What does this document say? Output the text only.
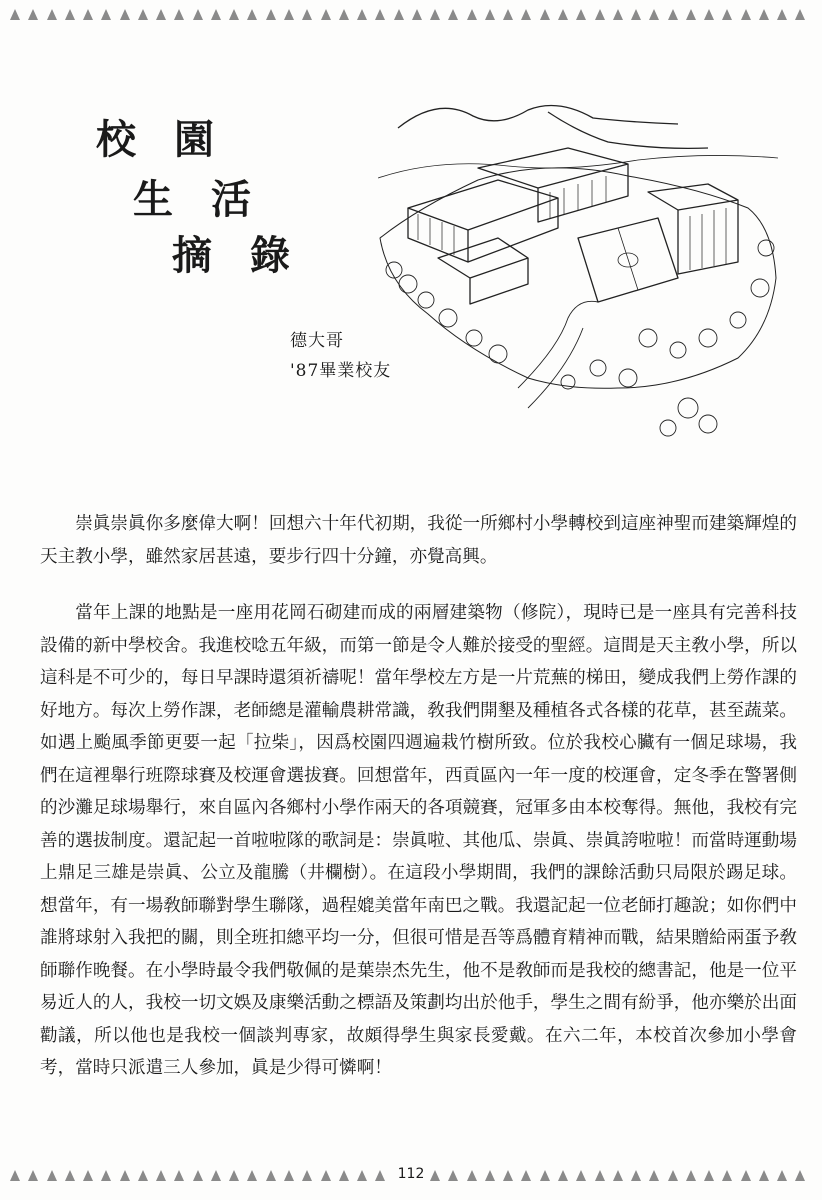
校 園
生 活
摘 錄
德大哥
'87畢業校友

崇眞崇眞你多麼偉大啊！回想六十年代初期，我從一所鄉村小學轉校到這座神聖而建築輝煌的天主教小學，雖然家居甚遠，要步行四十分鐘，亦覺高興。

當年上課的地點是一座用花岡石砌建而成的兩層建築物（修院），現時已是一座具有完善科技設備的新中學校舍。我進校唸五年級，而第一節是令人難於接受的聖經。這間是天主敎小學，所以這科是不可少的，每日早課時還須祈禱呢！當年學校左方是一片荒蕪的梯田，變成我們上勞作課的好地方。每次上勞作課，老師總是灌輸農耕常識，敎我們開墾及種植各式各樣的花草，甚至蔬菜。如遇上颱風季節更要一起「拉柴」，因爲校園四週遍栽竹樹所致。位於我校心臟有一個足球場，我們在這裡舉行班際球賽及校運會選拔賽。回想當年，西貢區內一年一度的校運會，定冬季在警署側的沙灘足球場舉行，來自區內各鄉村小學作兩天的各項競賽，冠軍多由本校奪得。無他，我校有完善的選拔制度。還記起一首啦啦隊的歌詞是：崇眞啦、其他瓜、崇眞、崇眞誇啦啦！而當時運動場上鼎足三雄是崇眞、公立及龍騰（井欄樹）。在這段小學期間，我們的課餘活動只局限於踢足球。想當年，有一場敎師聯對學生聯隊，過程媲美當年南巴之戰。我還記起一位老師打趣說；如你們中誰將球射入我把的關，則全班扣總平均一分，但很可惜是吾等爲體育精神而戰，結果贈給兩蛋予敎師聯作晚餐。在小學時最令我們敬佩的是葉崇杰先生，他不是敎師而是我校的總書記，他是一位平易近人的人，我校一切文娛及康樂活動之標語及策劃均出於他手，學生之間有紛爭，他亦樂於出面勸議，所以他也是我校一個談判專家，故頗得學生與家長愛戴。在六二年，本校首次參加小學會考，當時只派遣三人參加，眞是少得可憐啊！

112
